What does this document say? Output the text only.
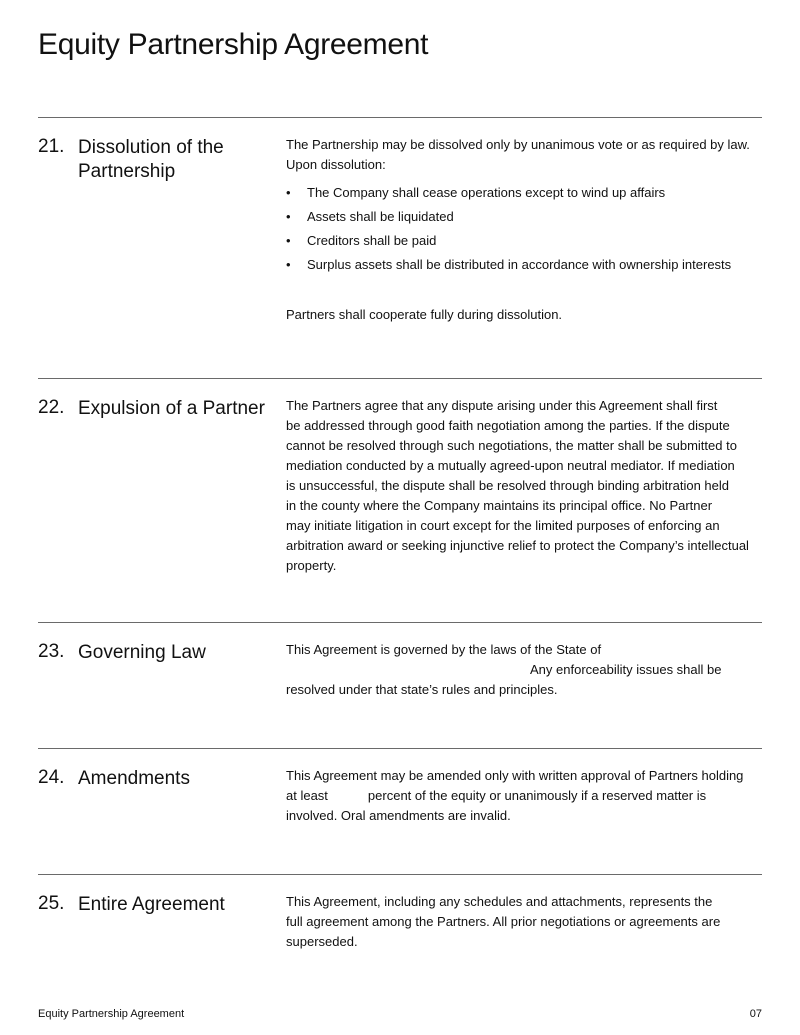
Equity Partnership Agreement
21. Dissolution of the Partnership
The Partnership may be dissolved only by unanimous vote or as required by law.
Upon dissolution:
• The Company shall cease operations except to wind up affairs
• Assets shall be liquidated
• Creditors shall be paid
• Surplus assets shall be distributed in accordance with ownership interests
Partners shall cooperate fully during dissolution.
22. Expulsion of a Partner	The Partners agree that any dispute arising under this Agreement shall first
be addressed through good faith negotiation among the parties. If the dispute
cannot be resolved through such negotiations, the matter shall be submitted to
mediation conducted by a mutually agreed-upon neutral mediator. If mediation
is unsuccessful, the dispute shall be resolved through binding arbitration held
in the county where the Company maintains its principal office. No Partner
may initiate litigation in court except for the limited purposes of enforcing an
arbitration award or seeking injunctive relief to protect the Company’s intellectual
property.
23. Governing Law	This Agreement is governed by the laws of the State of
Any enforceability issues shall be
resolved under that state’s rules and principles.
24. Amendments	This Agreement may be amended only with written approval of Partners holding
at least	percent of the equity or unanimously if a reserved matter is
involved. Oral amendments are invalid.
25. Entire Agreement	This Agreement, including any schedules and attachments, represents the
full agreement among the Partners. All prior negotiations or agreements are
superseded.
Equity Partnership Agreement	07
